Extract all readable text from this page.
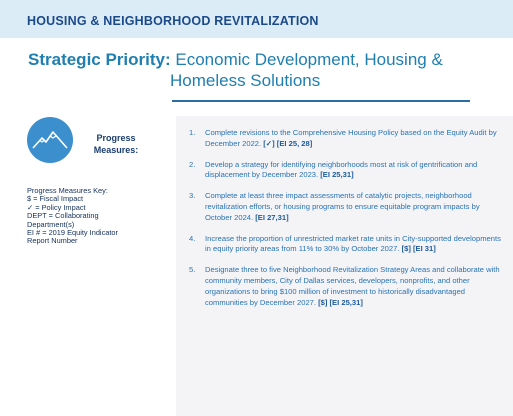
HOUSING & NEIGHBORHOOD REVITALIZATION
Strategic Priority: Economic Development, Housing &
Homeless Solutions
Progress
Measures:
Progress Measures Key:
$ = Fiscal Impact
✓ = Policy Impact
DEPT = Collaborating
Department(s)
EI # = 2019 Equity Indicator
Report Number
1. Complete revisions to the Comprehensive Housing Policy based on the Equity Audit by December 2022. [✓] [EI 25, 28]
2. Develop a strategy for identifying neighborhoods most at risk of gentrification and displacement by December 2023. [EI 25,31]
3. Complete at least three impact assessments of catalytic projects, neighborhood revitalization efforts, or housing programs to ensure equitable program impacts by October 2024. [EI 27,31]
4. Increase the proportion of unrestricted market rate units in City-supported developments in equity priority areas from 11% to 30% by October 2027. [$] [EI 31]
5. Designate three to five Neighborhood Revitalization Strategy Areas and collaborate with community members, City of Dallas services, developers, nonprofits, and other organizations to bring $100 million of investment to historically disadvantaged communities by December 2027. [$] [EI 25,31]
